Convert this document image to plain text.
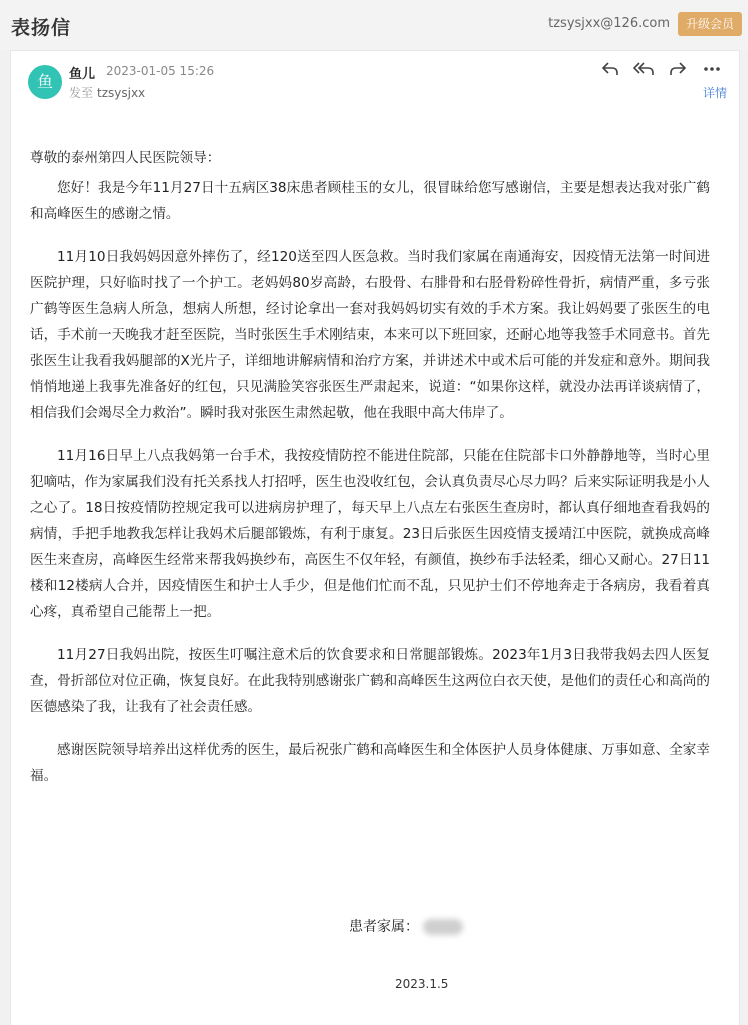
表扬信	tzsysjxx@126.com	升级会员
鱼	鱼儿 2023-01-05 15:26
发至 tzsysjxx	详情

尊敬的泰州第四人民医院领导：

您好！我是今年11月27日十五病区38床患者顾桂玉的女儿，很冒昧给您写感谢信，主要是想表达我对张广鹤和高峰医生的感谢之情。

11月10日我妈妈因意外摔伤了，经120送至四人医急救。当时我们家属在南通海安，因疫情无法第一时间进医院护理，只好临时找了一个护工。老妈妈80岁高龄，右股骨、右腓骨和右胫骨粉碎性骨折，病情严重，多亏张广鹤等医生急病人所急，想病人所想，经讨论拿出一套对我妈妈切实有效的手术方案。我让妈妈要了张医生的电话，手术前一天晚我才赶至医院，当时张医生手术刚结束，本来可以下班回家，还耐心地等我签手术同意书。首先张医生让我看我妈腿部的X光片子，详细地讲解病情和治疗方案，并讲述术中或术后可能的并发症和意外。期间我悄悄地递上我事先准备好的红包，只见满脸笑容张医生严肃起来，说道：“如果你这样，就没办法再详谈病情了，相信我们会竭尽全力救治”。瞬时我对张医生肃然起敬，他在我眼中高大伟岸了。

11月16日早上八点我妈第一台手术，我按疫情防控不能进住院部，只能在住院部卡口外静静地等，当时心里犯嘀咕，作为家属我们没有托关系找人打招呼，医生也没收红包，会认真负责尽心尽力吗？后来实际证明我是小人之心了。18日按疫情防控规定我可以进病房护理了，每天早上八点左右张医生查房时，都认真仔细地查看我妈的病情，手把手地教我怎样让我妈术后腿部锻炼，有利于康复。23日后张医生因疫情支援靖江中医院，就换成高峰医生来查房，高峰医生经常来帮我妈换纱布，高医生不仅年轻，有颜值，换纱布手法轻柔，细心又耐心。27日11楼和12楼病人合并，因疫情医生和护士人手少，但是他们忙而不乱，只见护士们不停地奔走于各病房，我看着真心疼，真希望自己能帮上一把。

11月27日我妈出院，按医生叮嘱注意术后的饮食要求和日常腿部锻炼。2023年1月3日我带我妈去四人医复查，骨折部位对位正确，恢复良好。在此我特别感谢张广鹤和高峰医生这两位白衣天使，是他们的责任心和高尚的医德感染了我，让我有了社会责任感。

感谢医院领导培养出这样优秀的医生，最后祝张广鹤和高峰医生和全体医护人员身体健康、万事如意、全家幸福。

患者家属：
2023.1.5
